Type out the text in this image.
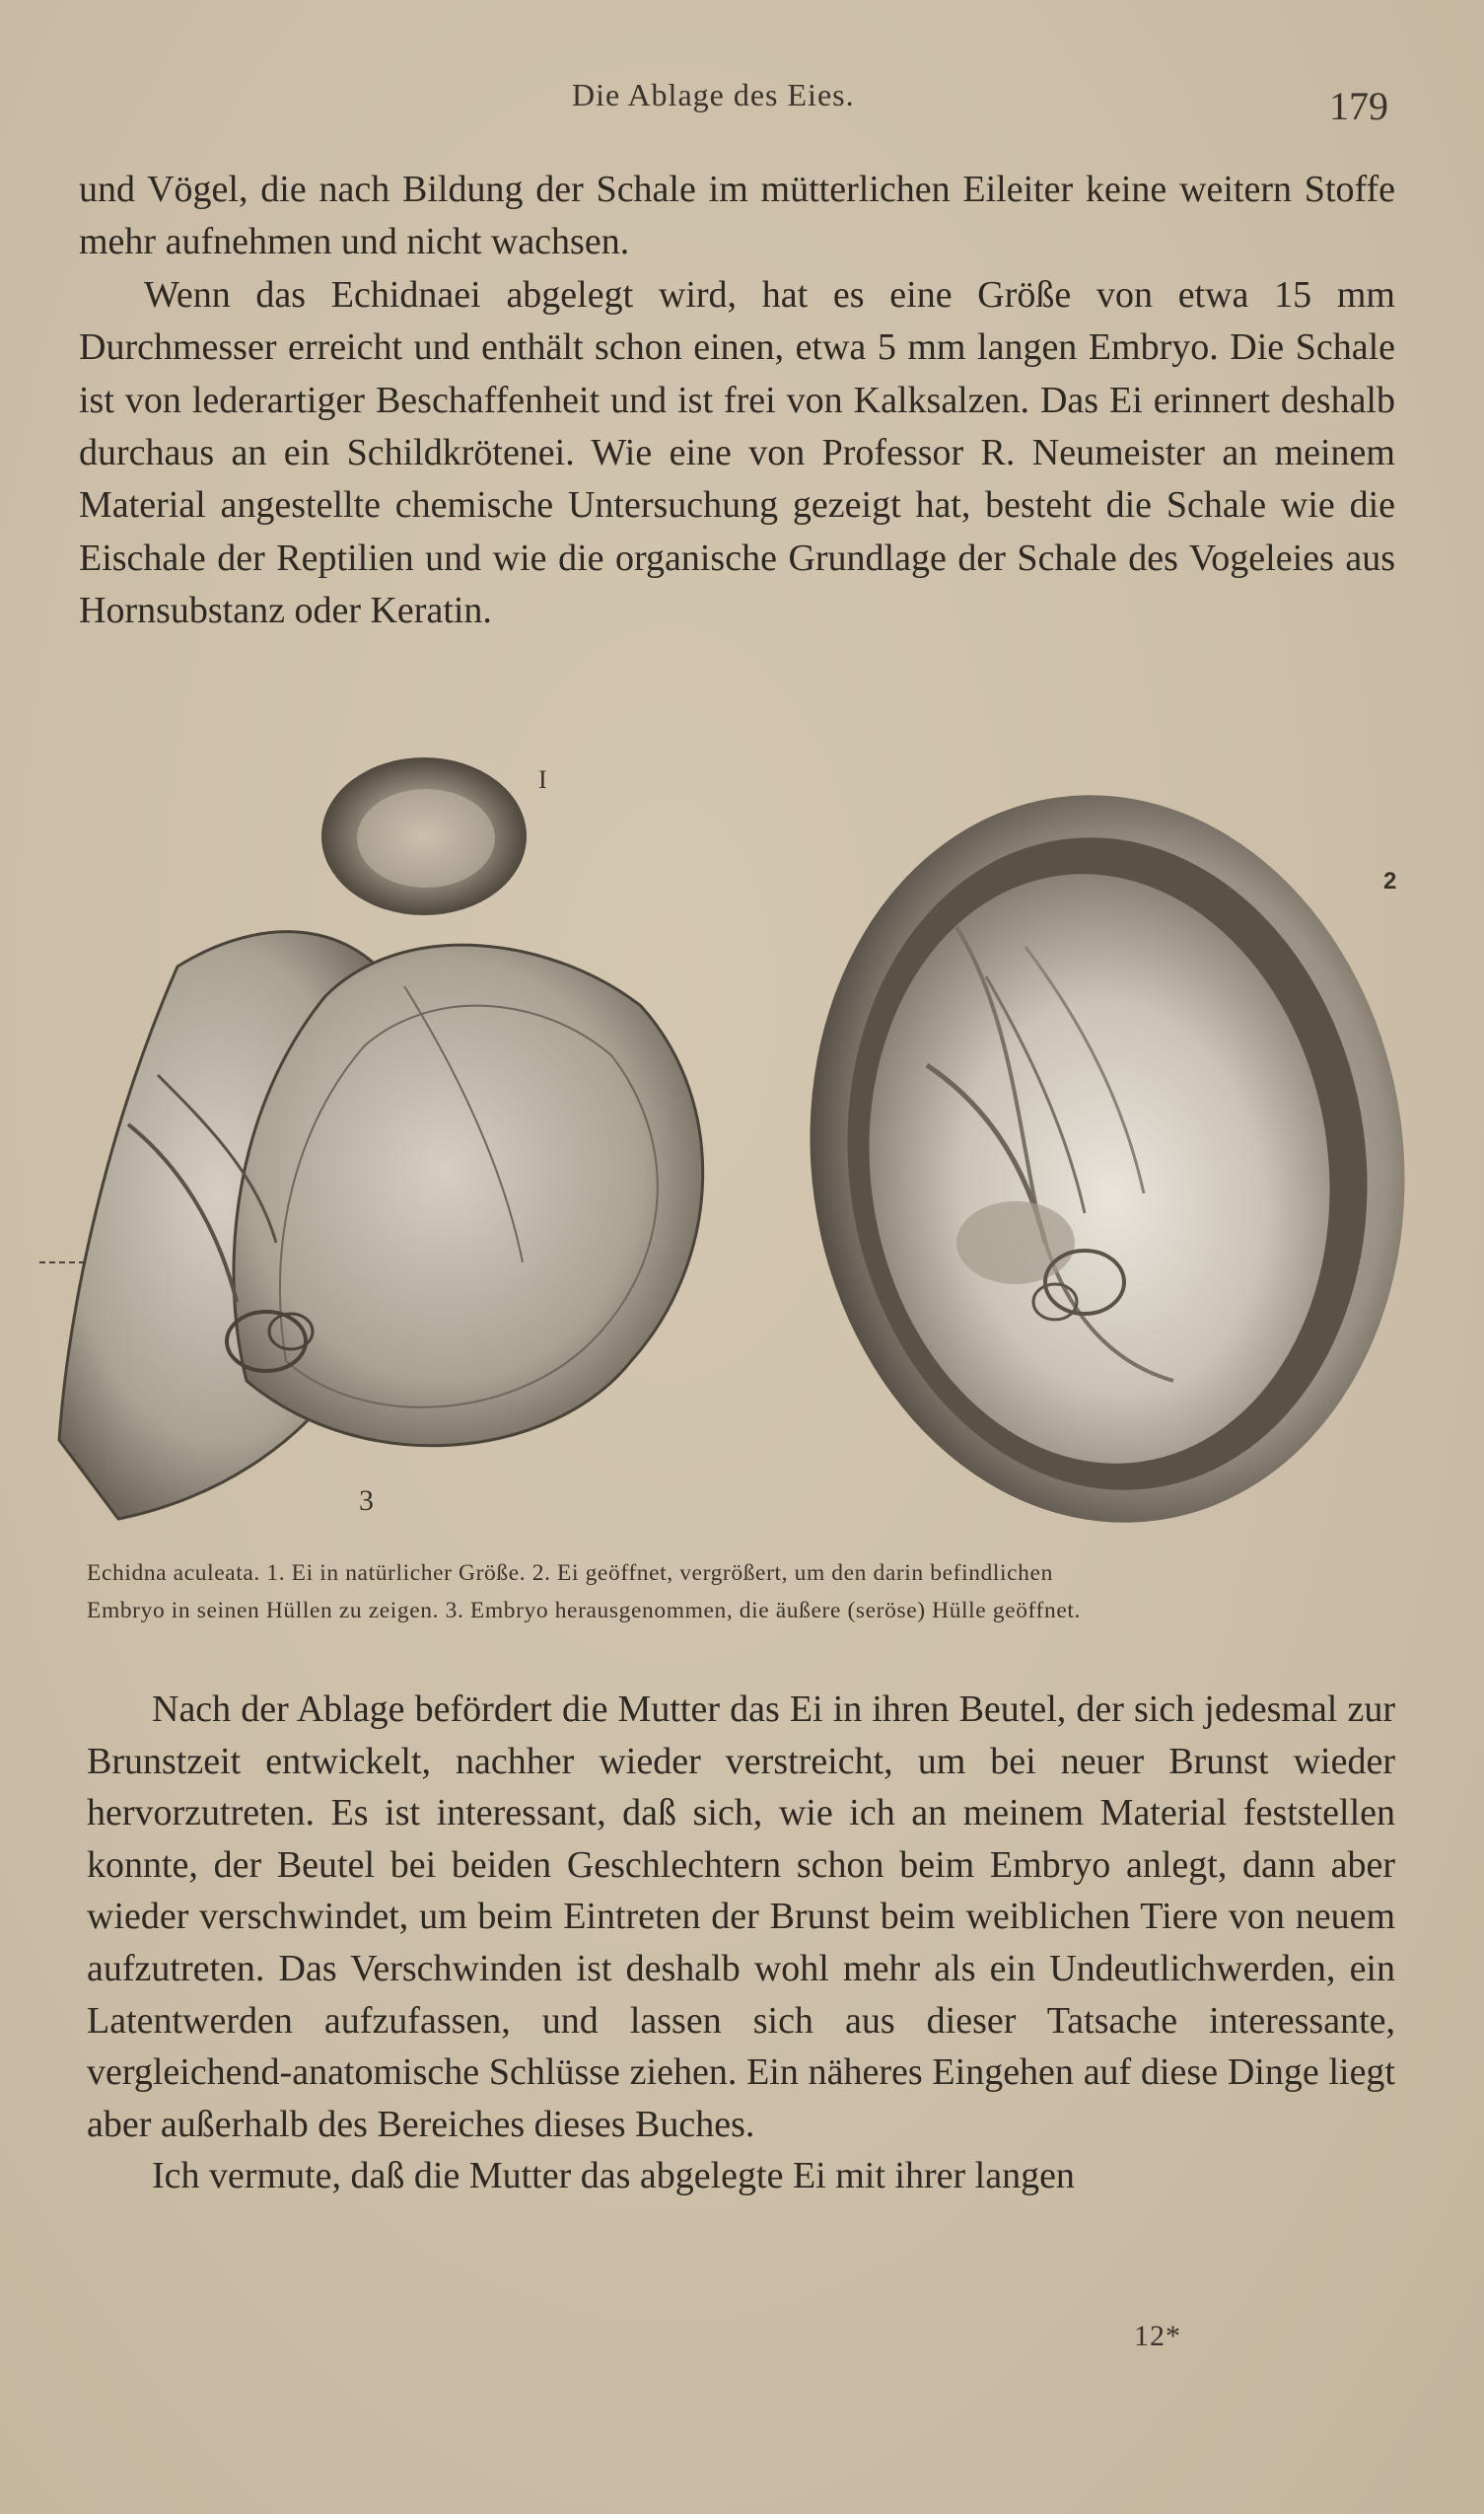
Die Ablage des Eies.	179

und Vögel, die nach Bildung der Schale im mütterlichen Eileiter keine weitern Stoffe mehr aufnehmen und nicht wachsen.

Wenn das Echidnaei abgelegt wird, hat es eine Größe von etwa 15 mm Durchmesser erreicht und enthält schon einen, etwa 5 mm langen Embryo. Die Schale ist von lederartiger Beschaffenheit und ist frei von Kalksalzen. Das Ei erinnert deshalb durchaus an ein Schildkrötenei. Wie eine von Professor R. Neumeister an meinem Material angestellte chemische Untersuchung gezeigt hat, besteht die Schale wie die Eischale der Reptilien und wie die organische Grundlage der Schale des Vogeleies aus Hornsubstanz oder Keratin.

I
2
3

Echidna aculeata. 1. Ei in natürlicher Größe. 2. Ei geöffnet, vergrößert, um den darin befindlichen

Embryo in seinen Hüllen zu zeigen. 3. Embryo herausgenommen, die äußere (seröse) Hülle geöffnet.

Nach der Ablage befördert die Mutter das Ei in ihren Beutel, der sich jedesmal zur Brunstzeit entwickelt, nachher wieder verstreicht, um bei neuer Brunst wieder hervorzutreten. Es ist interessant, daß sich, wie ich an meinem Material feststellen konnte, der Beutel bei beiden Geschlechtern schon beim Embryo anlegt, dann aber wieder verschwindet, um beim Eintreten der Brunst beim weiblichen Tiere von neuem aufzutreten. Das Verschwinden ist deshalb wohl mehr als ein Undeutlichwerden, ein Latentwerden aufzufassen, und lassen sich aus dieser Tatsache interessante, vergleichend-anatomische Schlüsse ziehen. Ein näheres Eingehen auf diese Dinge liegt aber außerhalb des Bereiches dieses Buches.

Ich vermute, daß die Mutter das abgelegte Ei mit ihrer langen

12*
